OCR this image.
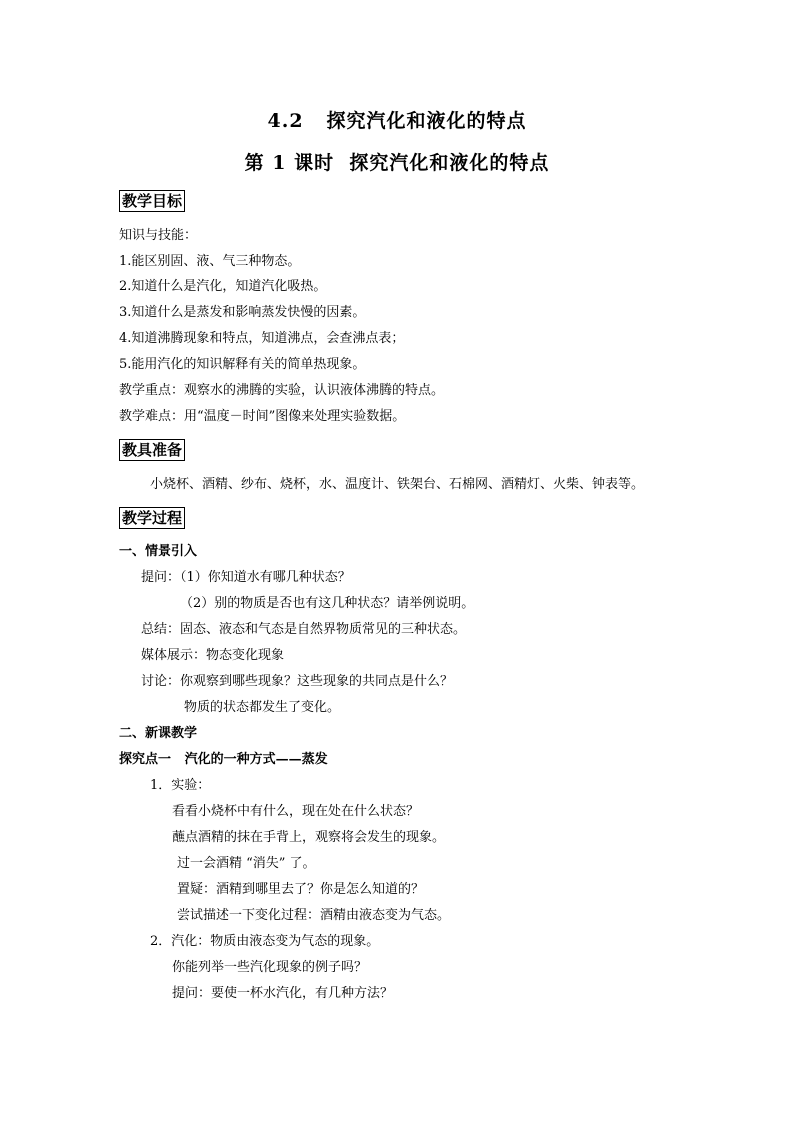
4.2   探究汽化和液化的特点
第 1 课时  探究汽化和液化的特点
教学目标
知识与技能：
1.能区别固、液、气三种物态。
2.知道什么是汽化，知道汽化吸热。
3.知道什么是蒸发和影响蒸发快慢的因素。
4.知道沸腾现象和特点，知道沸点，会查沸点表；
5.能用汽化的知识解释有关的简单热现象。
教学重点：观察水的沸腾的实验，认识液体沸腾的特点。
教学难点：用“温度－时间”图像来处理实验数据。
教具准备
小烧杯、酒精、纱布、烧杯，水、温度计、铁架台、石棉网、酒精灯、火柴、钟表等。
教学过程
一、情景引入
提问：（1）你知道水有哪几种状态？
（2）别的物质是否也有这几种状态？请举例说明。
总结：固态、液态和气态是自然界物质常见的三种状态。
媒体展示：物态变化现象
讨论：你观察到哪些现象？这些现象的共同点是什么？
物质的状态都发生了变化。
二、新课教学
探究点一   汽化的一种方式——蒸发
1．实验：
看看小烧杯中有什么，现在处在什么状态？
蘸点酒精的抹在手背上，观察将会发生的现象。
过一会酒精 “消失” 了。
置疑：酒精到哪里去了？你是怎么知道的？
尝试描述一下变化过程：酒精由液态变为气态。
2．汽化：物质由液态变为气态的现象。
你能列举一些汽化现象的例子吗？
提问：要使一杯水汽化，有几种方法？
